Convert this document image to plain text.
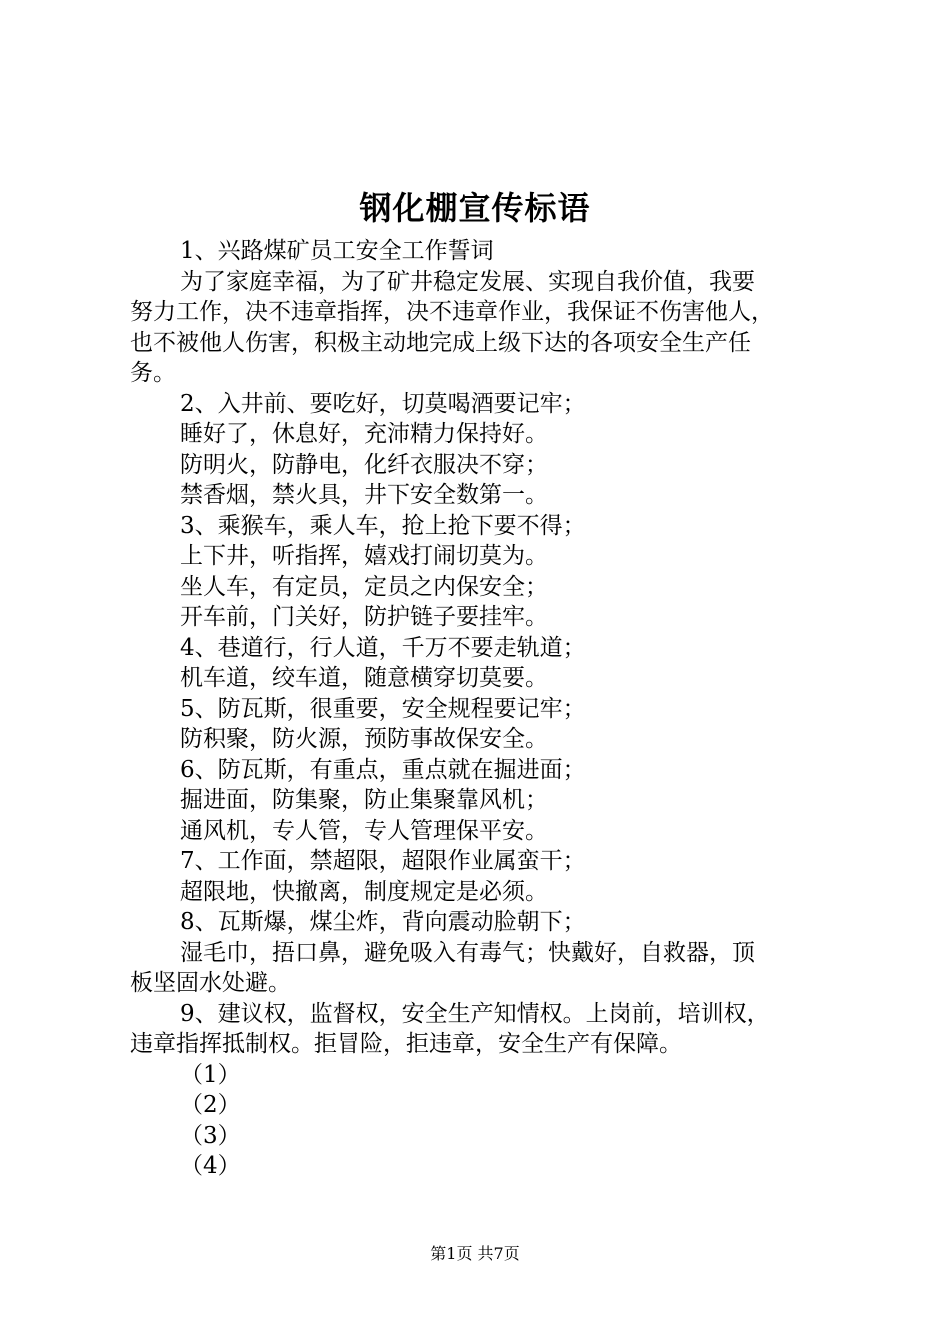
钢化棚宣传标语
1、兴路煤矿员工安全工作誓词
为了家庭幸福，为了矿井稳定发展、实现自我价值，我要
努力工作，决不违章指挥，决不违章作业，我保证不伤害他人，
也不被他人伤害，积极主动地完成上级下达的各项安全生产任
务。
2、入井前、要吃好，切莫喝酒要记牢；
睡好了，休息好，充沛精力保持好。
防明火，防静电，化纤衣服决不穿；
禁香烟，禁火具，井下安全数第一。
3、乘猴车，乘人车，抢上抢下要不得；
上下井，听指挥，嬉戏打闹切莫为。
坐人车，有定员，定员之内保安全；
开车前，门关好，防护链子要挂牢。
4、巷道行，行人道，千万不要走轨道；
机车道，绞车道，随意横穿切莫要。
5、防瓦斯，很重要，安全规程要记牢；
防积聚，防火源，预防事故保安全。
6、防瓦斯，有重点，重点就在掘进面；
掘进面，防集聚，防止集聚靠风机；
通风机，专人管，专人管理保平安。
7、工作面，禁超限，超限作业属蛮干；
超限地，快撤离，制度规定是必须。
8、瓦斯爆，煤尘炸，背向震动脸朝下；
湿毛巾，捂口鼻，避免吸入有毒气；快戴好，自救器，顶
板坚固水处避。
9、建议权，监督权，安全生产知情权。上岗前，培训权，
违章指挥抵制权。拒冒险，拒违章，安全生产有保障。
（1）
（2）
（3）
（4）
第1页 共7页
